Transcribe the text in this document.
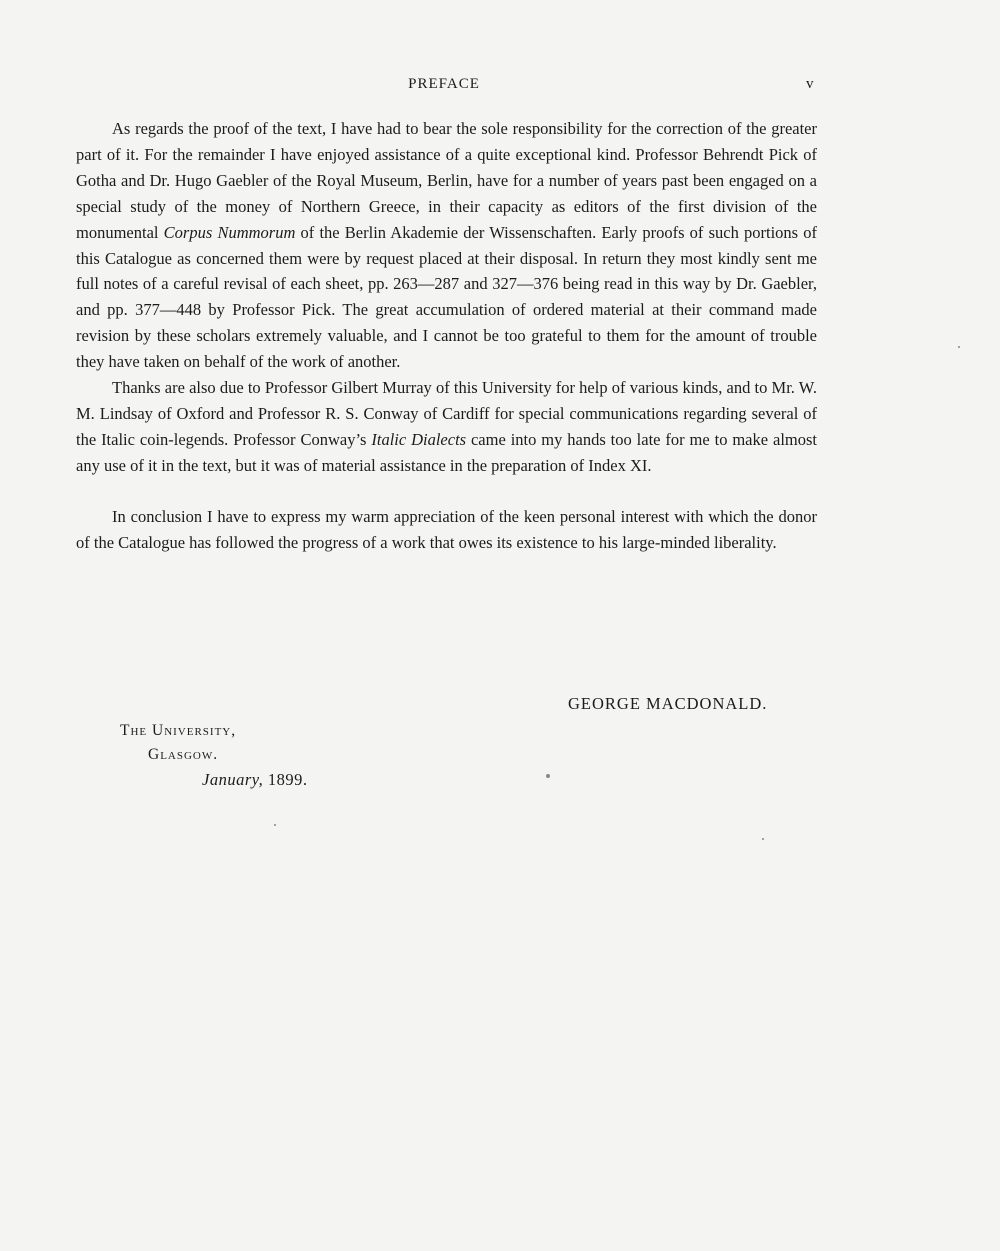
PREFACE	v

As regards the proof of the text, I have had to bear the sole responsibility for the correction of the greater part of it. For the remainder I have enjoyed assistance of a quite exceptional kind. Professor Behrendt Pick of Gotha and Dr. Hugo Gaebler of the Royal Museum, Berlin, have for a number of years past been engaged on a special study of the money of Northern Greece, in their capacity as editors of the first division of the monumental Corpus Nummorum of the Berlin Akademie der Wissenschaften. Early proofs of such portions of this Catalogue as concerned them were by request placed at their disposal. In return they most kindly sent me full notes of a careful revisal of each sheet, pp. 263—287 and 327—376 being read in this way by Dr. Gaebler, and pp. 377—448 by Professor Pick. The great accumulation of ordered material at their command made revision by these scholars extremely valuable, and I cannot be too grateful to them for the amount of trouble they have taken on behalf of the work of another.

Thanks are also due to Professor Gilbert Murray of this University for help of various kinds, and to Mr. W. M. Lindsay of Oxford and Professor R. S. Conway of Cardiff for special communications regarding several of the Italic coin-legends. Professor Conway’s Italic Dialects came into my hands too late for me to make almost any use of it in the text, but it was of material assistance in the preparation of Index XI.

In conclusion I have to express my warm appreciation of the keen personal interest with which the donor of the Catalogue has followed the progress of a work that owes its existence to his large-minded liberality.

GEORGE MACDONALD.
The University,
Glasgow.
January, 1899.
